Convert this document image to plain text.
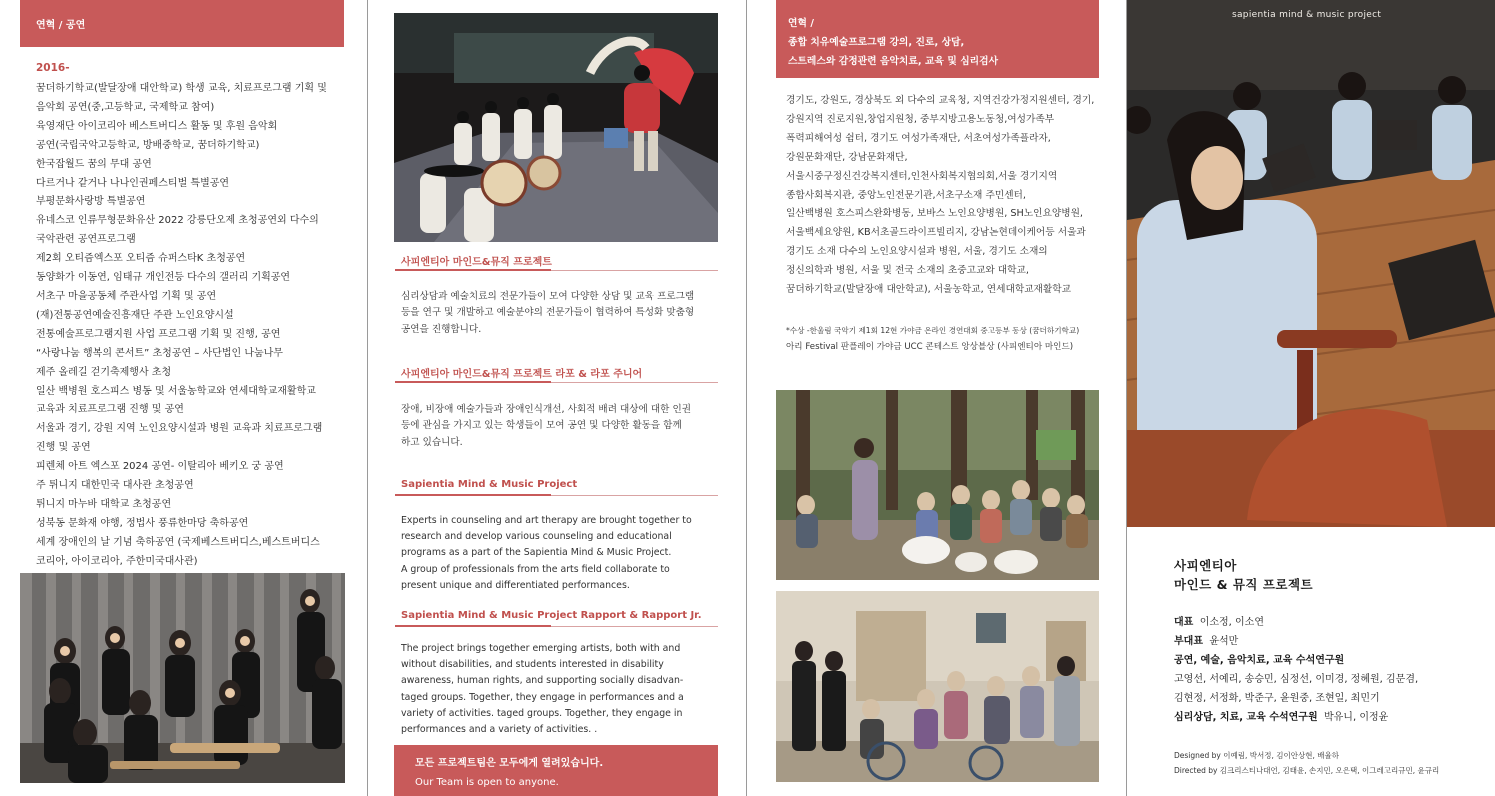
연혁 / 공연
2016-
꿈더하기학교(발달장애 대안학교) 학생 교육, 치료프로그램 기획 및
음악회 공연(중,고등학교, 국제학교 참여)
육영재단 아이코리아 베스트버디스 활동 및 후원 음악회
공연(국립국악고등학교, 방배중학교, 꿈더하기학교)
한국잡월드 꿈의 무대 공연
다르거나 같거나 나나인권페스티벌 특별공연
부평문화사랑방 특별공연
유네스코 인류무형문화유산 2022 강릉단오제 초청공연외 다수의
국악관련 공연프로그램
제2회 오티즘엑스포 오티즘 슈퍼스타K 초청공연
동양화가 이동연, 임태규 개인전등 다수의 갤러리 기획공연
서초구 마을공동체 주관사업 기획 및 공연
(재)전통공연예술진흥재단 주관 노인요양시설
전통예술프로그램지원 사업 프로그램 기획 및 진행, 공연
“사랑나눔 행복의 콘서트” 초청공연 – 사단법인 나눔나무
제주 올레길 걷기축제행사 초청
일산 백병원 호스피스 병동 및 서울농학교와 연세대학교재활학교
교육과 치료프로그램 진행 및 공연
서울과 경기, 강원 지역 노인요양시설과 병원 교육과 치료프로그램
진행 및 공연
피렌체 아트 엑스포 2024 공연- 이탈리아 베키오 궁 공연
주 튀니지 대한민국 대사관 초청공연
튀니지 마누바 대학교 초청공연
성북동 문화재 야행, 정법사 풍류한마당 축하공연
세계 장애인의 날 기념 축하공연 (국제베스트버디스,베스트버디스
코리아, 아이코리아, 주한미국대사관)
사피엔티아 마인드&뮤직 프로젝트
심리상담과 예술치료의 전문가들이 모여 다양한 상담 및 교육 프로그램
등을 연구 및 개발하고 예술분야의 전문가들이 협력하여 특성화 맞춤형
공연을 진행합니다.
사피엔티아 마인드&뮤직 프로젝트 라포 & 라포 주니어
장애, 비장애 예술가들과 장애인식개선, 사회적 배려 대상에 대한 인권
등에 관심을 가지고 있는 학생들이 모여 공연 및 다양한 활동을 함께
하고 있습니다.
Sapientia Mind & Music Project
Experts in counseling and art therapy are brought together to
research and develop various counseling and educational
programs as a part of the Sapientia Mind & Music Project.
A group of professionals from the arts field collaborate to
present unique and differentiated performances.
Sapientia Mind & Music Project Rapport & Rapport Jr.
The project brings together emerging artists, both with and
without disabilities, and students interested in disability
awareness, human rights, and supporting socially disadvan-
taged groups. Together, they engage in performances and a
variety of activities. taged groups. Together, they engage in
performances and a variety of activities. .
모든 프로젝트팀은 모두에게 열려있습니다.
Our Team is open to anyone.
연혁 /
종합 치유예술프로그램 강의, 진로, 상담,
스트레스와 감정관련 음악치료, 교육 및 심리검사
경기도, 강원도, 경상북도 외 다수의 교육청, 지역건강가정지원센터, 경기,
강원지역 진로지원,창업지원청, 중부지방고용노동청,여성가족부
폭력피해여성 쉼터, 경기도 여성가족재단, 서초여성가족플라자,
강원문화재단, 강남문화재단,
서울시중구정신건강복지센터,인천사회복지협의회,서울 경기지역
종합사회복지관, 중앙노인전문기관,서초구소재 주민센터,
일산백병원 호스피스완화병동, 보바스 노인요양병원, SH노인요양병원,
서울백세요양원, KB서초골드라이프빌리지, 강남논현데이케어등 서울과
경기도 소재 다수의 노인요양시설과 병원, 서울, 경기도 소재의
정신의학과 병원, 서울 및 전국 소재의 초중고교와 대학교,
꿈더하기학교(발달장애 대안학교), 서울농학교, 연세대학교재활학교
*수상 -한울림 국악기 제1회 12현 가야금 온라인 경연대회 중고등부 동상 (꿈더하기학교)
아리 Festival 판플레이 가야금 UCC 콘테스트 앙상블상 (사피엔티아 마인드)
sapientia mind & music project
사피엔티아
마인드 & 뮤직 프로젝트
대표 이소정, 이소연
부대표 윤석만
공연, 예술, 음악치료, 교육 수석연구원
고영선, 서예리, 송승민, 심정선, 이미경, 정혜원, 김문겸,
김현정, 서정화, 박준구, 윤원중, 조현일, 최민기
심리상담, 치료, 교육 수석연구원 박유니, 이정윤
Designed by 이예림, 박서정, 김이안상현, 배율하
Directed by 김크리스티나대언, 김태윤, 손지민, 오은택, 이그레고리규민, 윤규리
